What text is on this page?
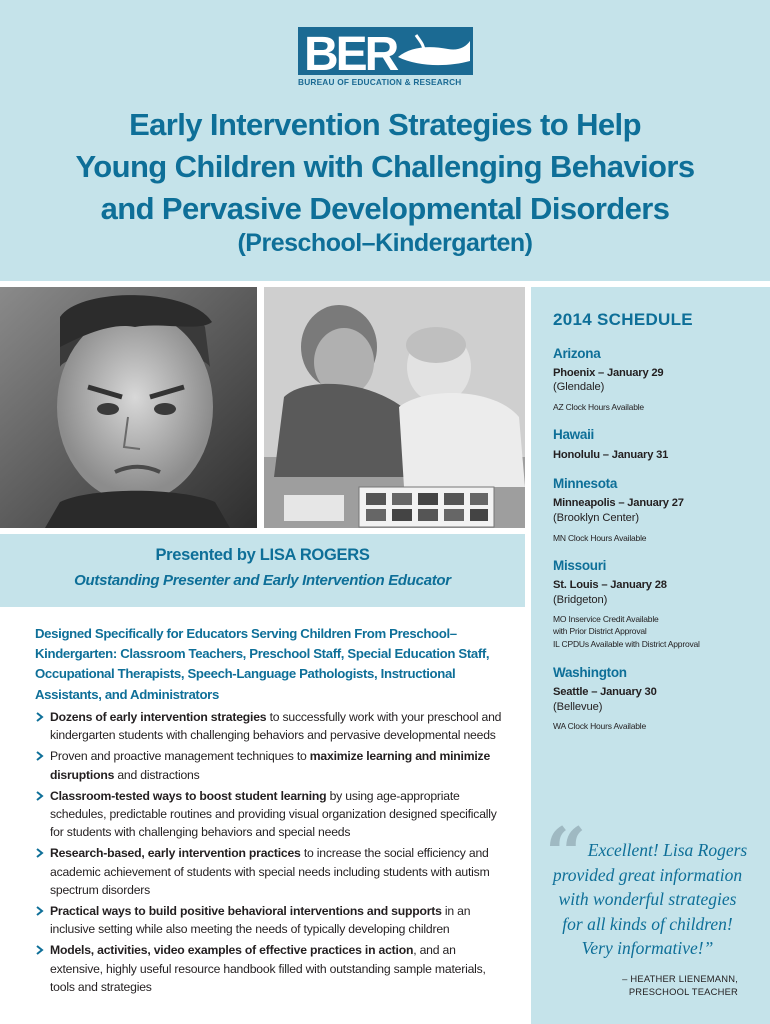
BER
BUREAU OF EDUCATION & RESEARCH
Early Intervention Strategies to Help
Young Children with Challenging Behaviors
and Pervasive Developmental Disorders
(Preschool–Kindergarten)
2014 SCHEDULE
Arizona
Phoenix – January 29
(Glendale)
AZ Clock Hours Available
Hawaii
Honolulu – January 31
Minnesota
Minneapolis – January 27
(Brooklyn Center)
MN Clock Hours Available
Missouri
St. Louis – January 28
(Bridgeton)
MO Inservice Credit Available
with Prior District Approval
IL CPDUs Available with District Approval
Washington
Seattle – January 30
(Bellevue)
WA Clock Hours Available
Presented by LISA ROGERS
Outstanding Presenter and Early Intervention Educator
Designed Specifically for Educators Serving Children From Preschool–Kindergarten: Classroom Teachers, Preschool Staff, Special Education Staff, Occupational Therapists, Speech-Language Pathologists, Instructional Assistants, and Administrators
Dozens of early intervention strategies to successfully work with your preschool and kindergarten students with challenging behaviors and pervasive developmental needs
Proven and proactive management techniques to maximize learning and minimize disruptions and distractions
Classroom-tested ways to boost student learning by using age-appropriate schedules, predictable routines and providing visual organization designed specifically for students with challenging behaviors and special needs
Research-based, early intervention practices to increase the social efficiency and academic achievement of students with special needs including students with autism spectrum disorders
Practical ways to build positive behavioral interventions and supports in an inclusive setting while also meeting the needs of typically developing children
Models, activities, video examples of effective practices in action, and an extensive, highly useful resource handbook filled with outstanding sample materials, tools and strategies
“ Excellent! Lisa Rogers
provided great information
with wonderful strategies
for all kinds of children!
Very informative!”
– HEATHER LIENEMANN,
PRESCHOOL TEACHER
